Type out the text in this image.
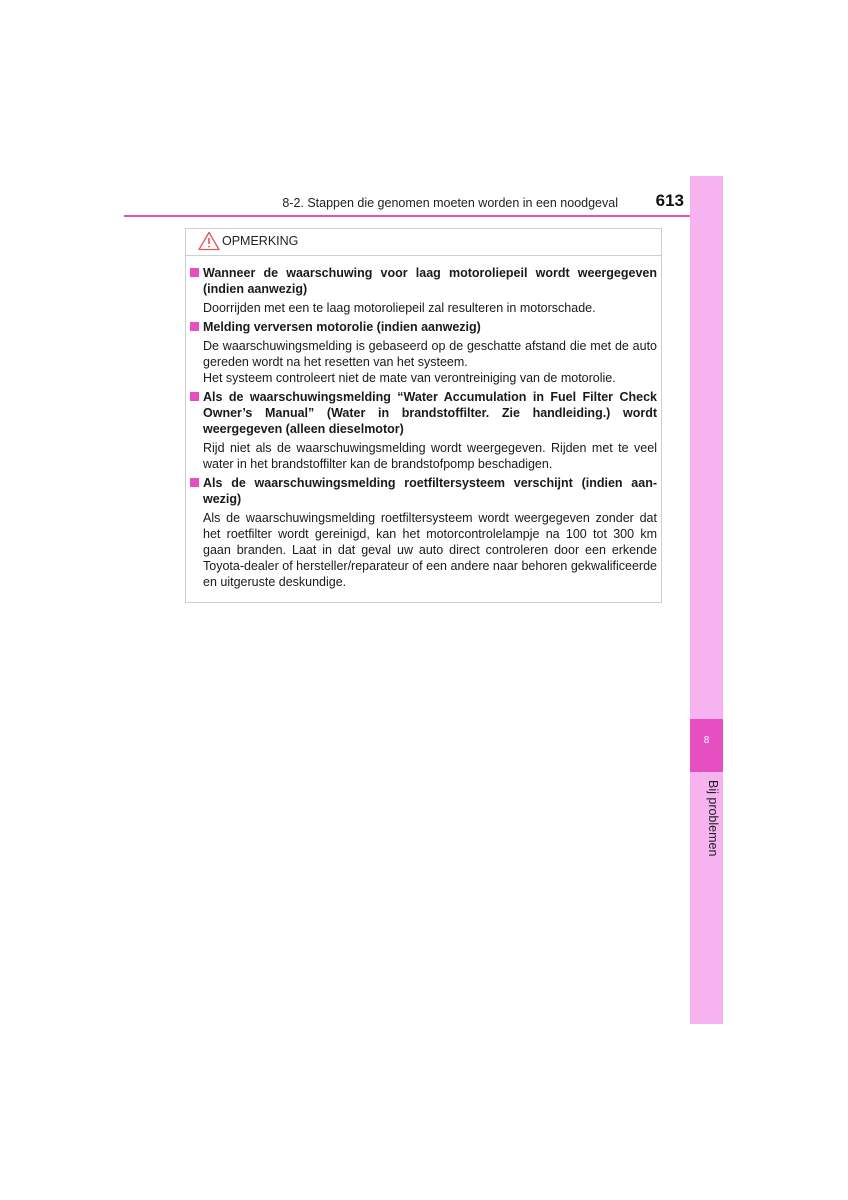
8-2. Stappen die genomen moeten worden in een noodgeval	613
8
Bij problemen
OPMERKING
Wanneer de waarschuwing voor laag motoroliepeil wordt weergegeven (indien aanwezig)

Doorrijden met een te laag motoroliepeil zal resulteren in motorschade.

Melding verversen motorolie (indien aanwezig)

De waarschuwingsmelding is gebaseerd op de geschatte afstand die met de auto gereden wordt na het resetten van het systeem.

Het systeem controleert niet de mate van verontreiniging van de motorolie.

Als de waarschuwingsmelding “Water Accumulation in Fuel Filter Check Owner’s Manual” (Water in brandstoffilter. Zie handleiding.) wordt weergegeven (alleen dieselmotor)

Rijd niet als de waarschuwingsmelding wordt weergegeven. Rijden met te veel water in het brandstoffilter kan de brandstofpomp beschadigen.

Als de waarschuwingsmelding roetfiltersysteem verschijnt (indien aan-wezig)

Als de waarschuwingsmelding roetfiltersysteem wordt weergegeven zonder dat het roetfilter wordt gereinigd, kan het motorcontrolelampje na 100 tot 300 km gaan branden. Laat in dat geval uw auto direct controleren door een erkende Toyota-dealer of hersteller/reparateur of een andere naar behoren gekwalificeerde en uitgeruste deskundige.
